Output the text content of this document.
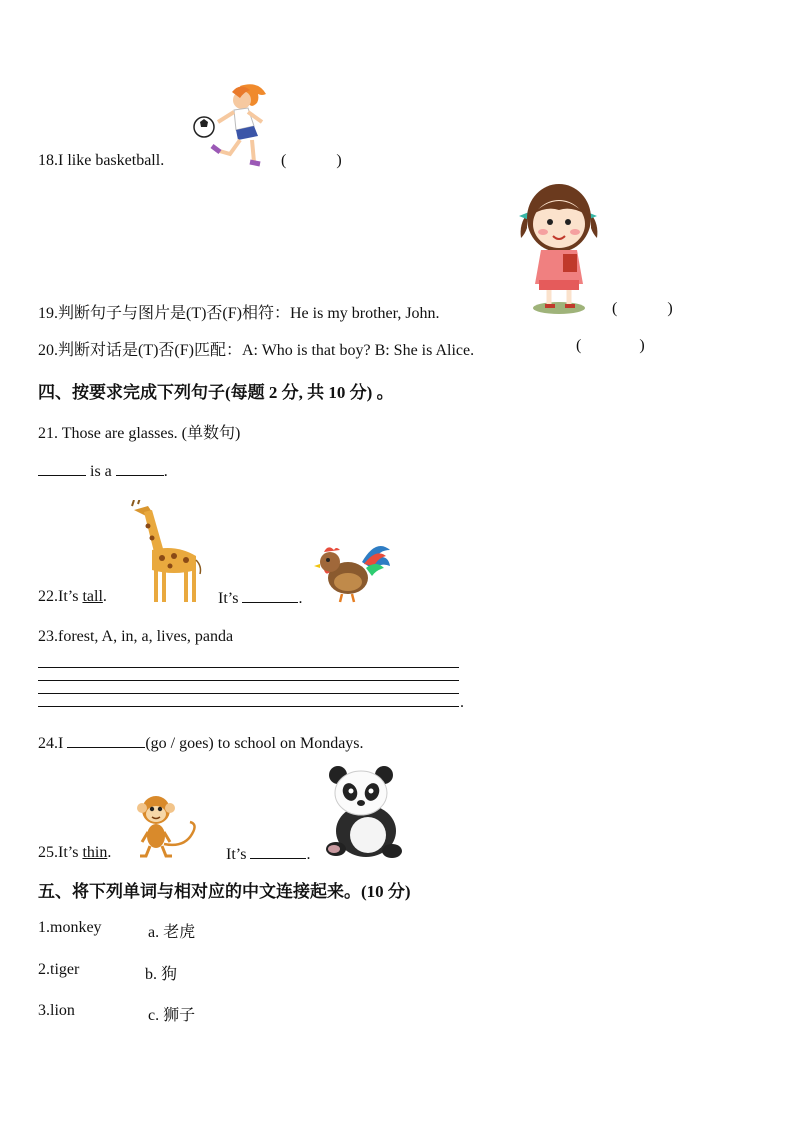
18.I like basketball.	(	)
19.判断句子与图片是(T)否(F)相符：He is my brother, John.	(	)
20.判断对话是(T)否(F)匹配：A: Who is that boy? B: She is Alice.	(	)
四、按要求完成下列句子(每题 2 分, 共 10 分) 。
21. Those are glasses. (单数句)
is a	.
22.It’s tall.	It’s	.
23.forest, A, in, a, lives, panda
.
24.I	(go / goes) to school on Mondays.
25.It’s thin.	It’s	.
五、将下列单词与相对应的中文连接起来。(10 分)
1.monkey	a. 老虎
2.tiger	b. 狗
3.lion	c. 狮子
